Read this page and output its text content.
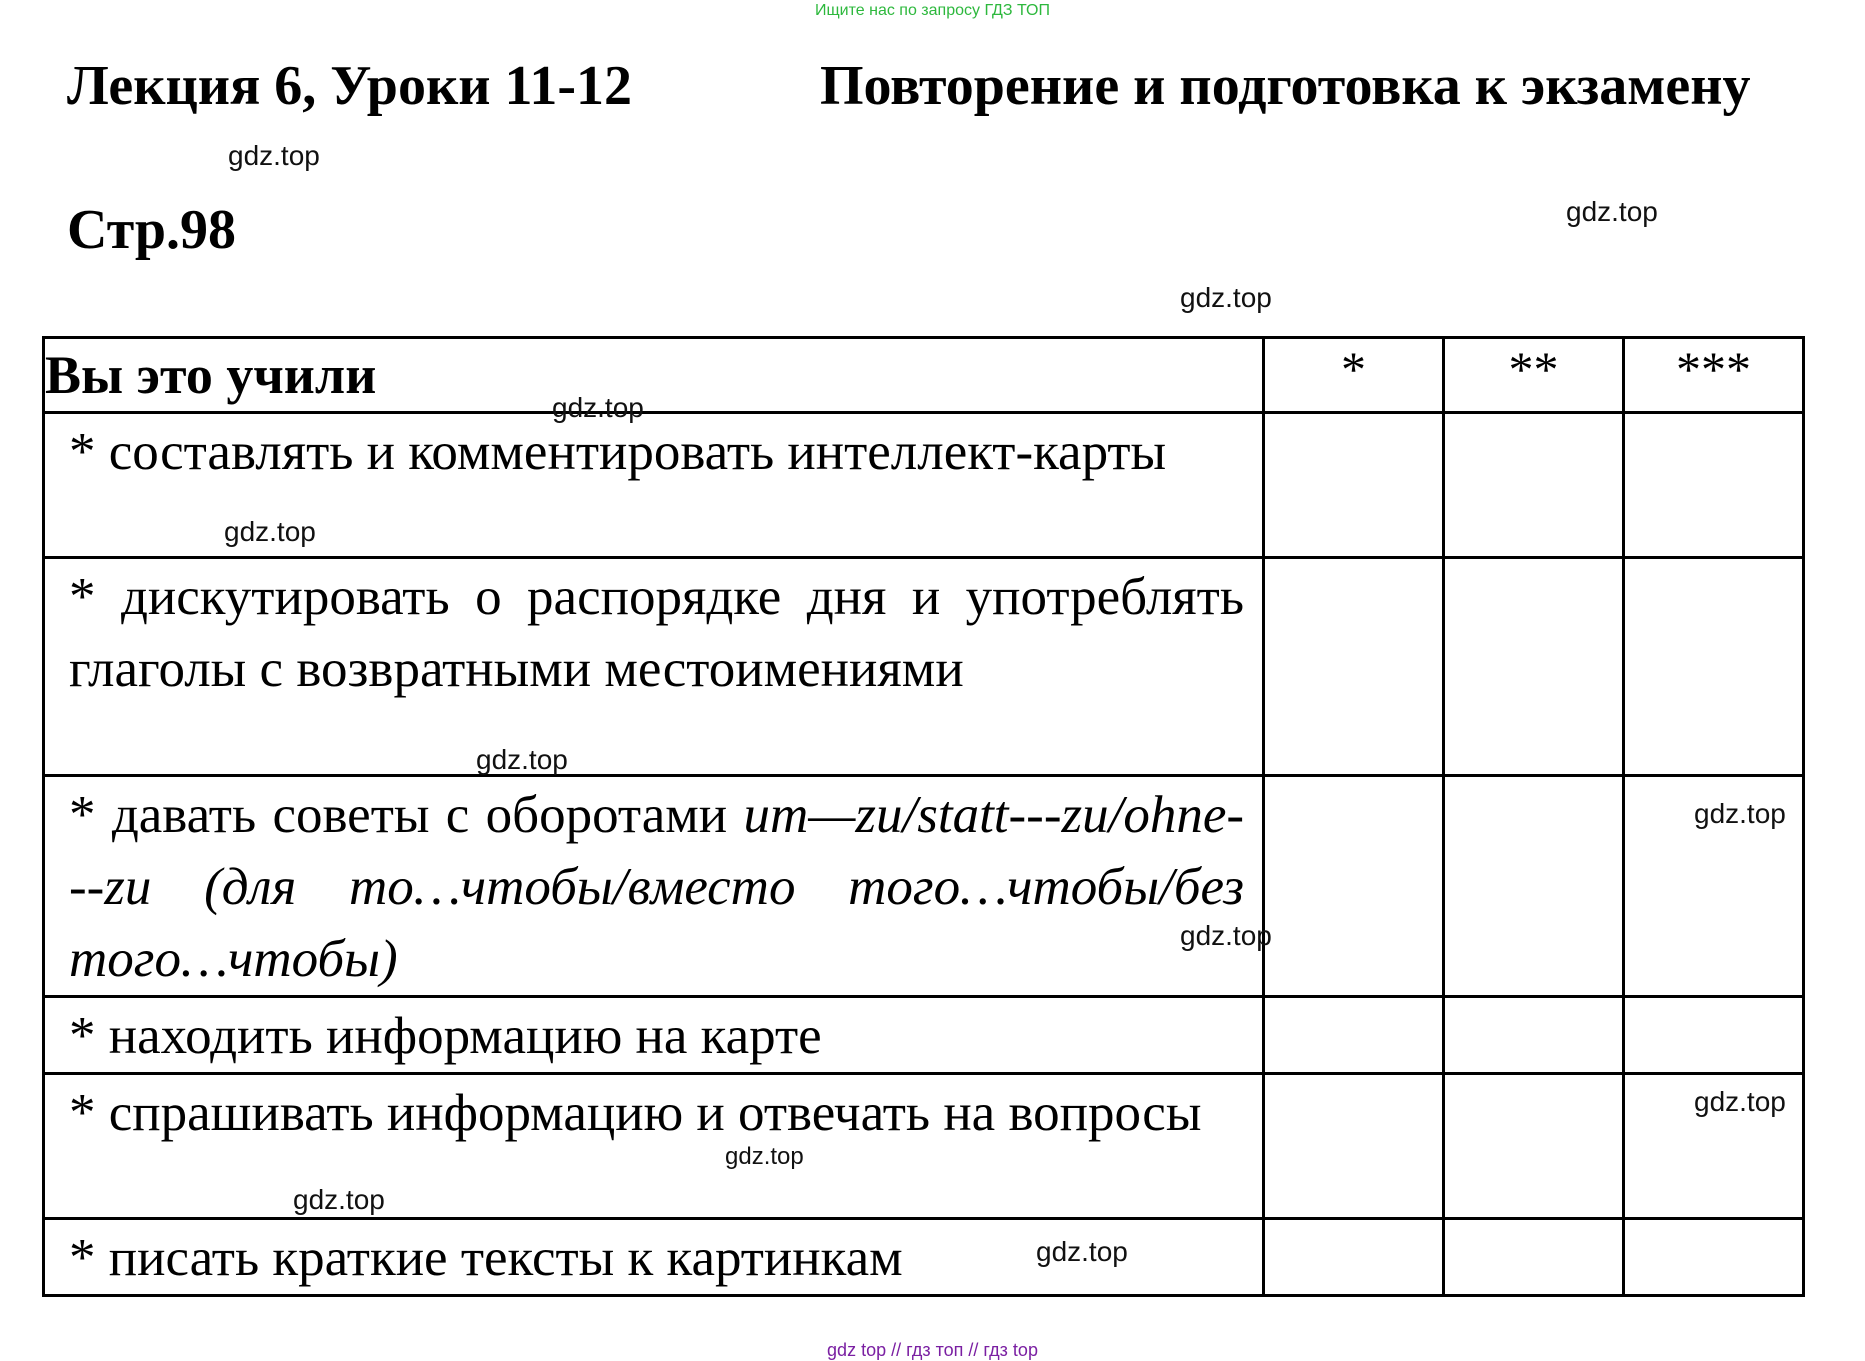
Ищите нас по запросу ГДЗ ТОП
Лекция 6, Уроки 11-12	Повторение и подготовка к экзамену
Стр.98
gdz.top
gdz.top
gdz.top
Вы это учили	*	**	***

* составлять и комментировать интеллект-карты			

* дискутировать о распорядке дня и употреблять глаголы с возвратными местоимениями			

* давать советы с оборотами um—zu/statt---zu/ohne---zu (для то…чтобы/вместо того…чтобы/без того…чтобы)			

* находить информацию на карте			

* спрашивать информацию и отвечать на вопросы			

* писать краткие тексты к картинкам			

gdz.top
gdz.top
gdz.top
gdz.top
gdz.top
gdz.top
gdz.top
gdz.top
gdz.top
gdz top // гдз топ // гдз top
